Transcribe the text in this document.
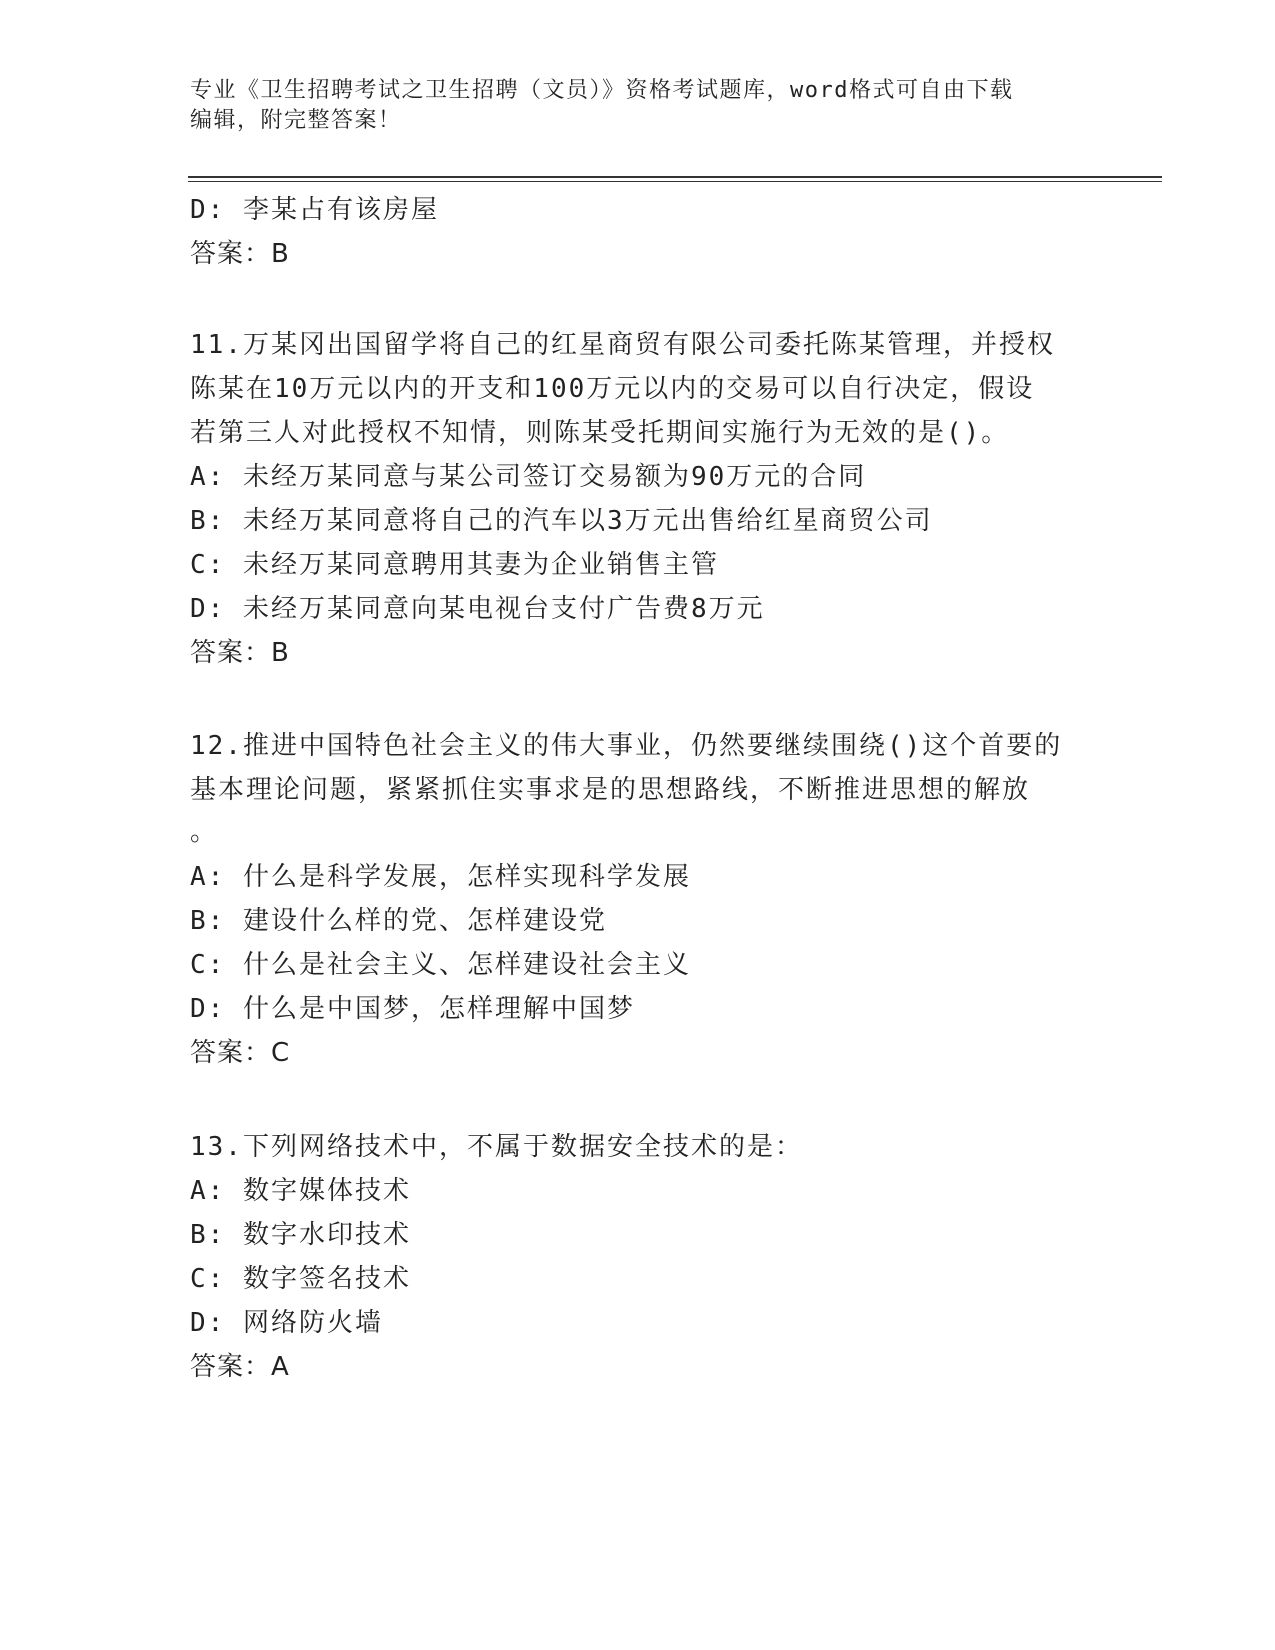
专业《卫生招聘考试之卫生招聘（文员）》资格考试题库，word格式可自由下载
编辑，附完整答案！
D: 李某占有该房屋
答案：B
11.万某冈出国留学将自己的红星商贸有限公司委托陈某管理，并授权
陈某在10万元以内的开支和100万元以内的交易可以自行决定，假设
若第三人对此授权不知情，则陈某受托期间实施行为无效的是()。
A: 未经万某同意与某公司签订交易额为90万元的合同
B: 未经万某同意将自己的汽车以3万元出售给红星商贸公司
C: 未经万某同意聘用其妻为企业销售主管
D: 未经万某同意向某电视台支付广告费8万元
答案：B
12.推进中国特色社会主义的伟大事业，仍然要继续围绕()这个首要的
基本理论问题，紧紧抓住实事求是的思想路线，不断推进思想的解放
。
A: 什么是科学发展，怎样实现科学发展
B: 建设什么样的党、怎样建设党
C: 什么是社会主义、怎样建设社会主义
D: 什么是中国梦，怎样理解中国梦
答案：C
13.下列网络技术中，不属于数据安全技术的是：
A: 数字媒体技术
B: 数字水印技术
C: 数字签名技术
D: 网络防火墙
答案：A
